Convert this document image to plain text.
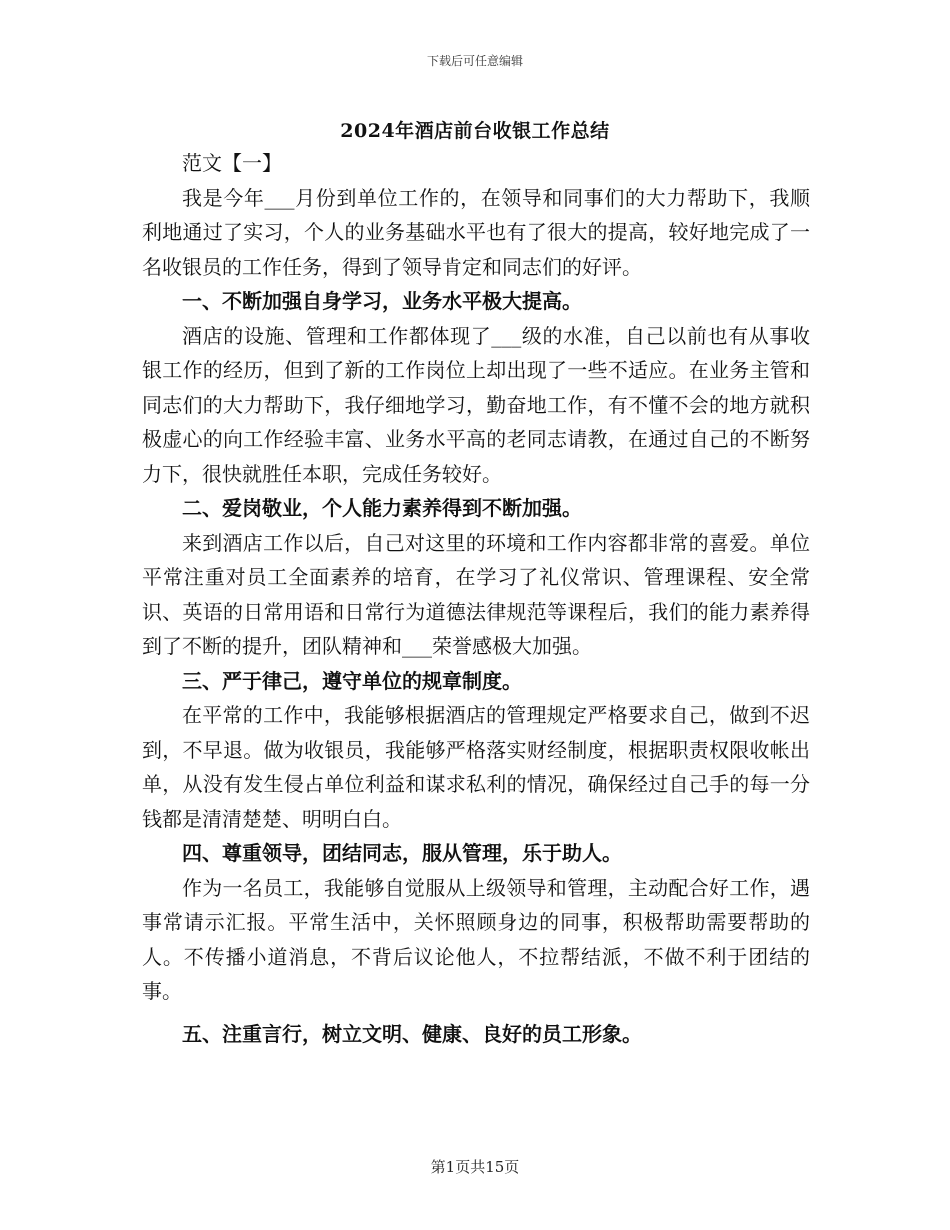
下载后可任意编辑
2024年酒店前台收银工作总结

范文【一】

我是今年___月份到单位工作的，在领导和同事们的大力帮助下，我顺利地通过了实习，个人的业务基础水平也有了很大的提高，较好地完成了一名收银员的工作任务，得到了领导肯定和同志们的好评。

一、不断加强自身学习，业务水平极大提高。

酒店的设施、管理和工作都体现了___级的水准，自己以前也有从事收银工作的经历，但到了新的工作岗位上却出现了一些不适应。在业务主管和同志们的大力帮助下，我仔细地学习，勤奋地工作，有不懂不会的地方就积极虚心的向工作经验丰富、业务水平高的老同志请教，在通过自己的不断努力下，很快就胜任本职，完成任务较好。

二、爱岗敬业，个人能力素养得到不断加强。

来到酒店工作以后，自己对这里的环境和工作内容都非常的喜爱。单位平常注重对员工全面素养的培育，在学习了礼仪常识、管理课程、安全常识、英语的日常用语和日常行为道德法律规范等课程后，我们的能力素养得到了不断的提升，团队精神和___荣誉感极大加强。

三、严于律己，遵守单位的规章制度。

在平常的工作中，我能够根据酒店的管理规定严格要求自己，做到不迟到，不早退。做为收银员，我能够严格落实财经制度，根据职责权限收帐出单，从没有发生侵占单位利益和谋求私利的情况，确保经过自己手的每一分钱都是清清楚楚、明明白白。

四、尊重领导，团结同志，服从管理，乐于助人。

作为一名员工，我能够自觉服从上级领导和管理，主动配合好工作，遇事常请示汇报。平常生活中，关怀照顾身边的同事，积极帮助需要帮助的人。不传播小道消息，不背后议论他人，不拉帮结派，不做不利于团结的事。

五、注重言行，树立文明、健康、良好的员工形象。

第1页共15页
